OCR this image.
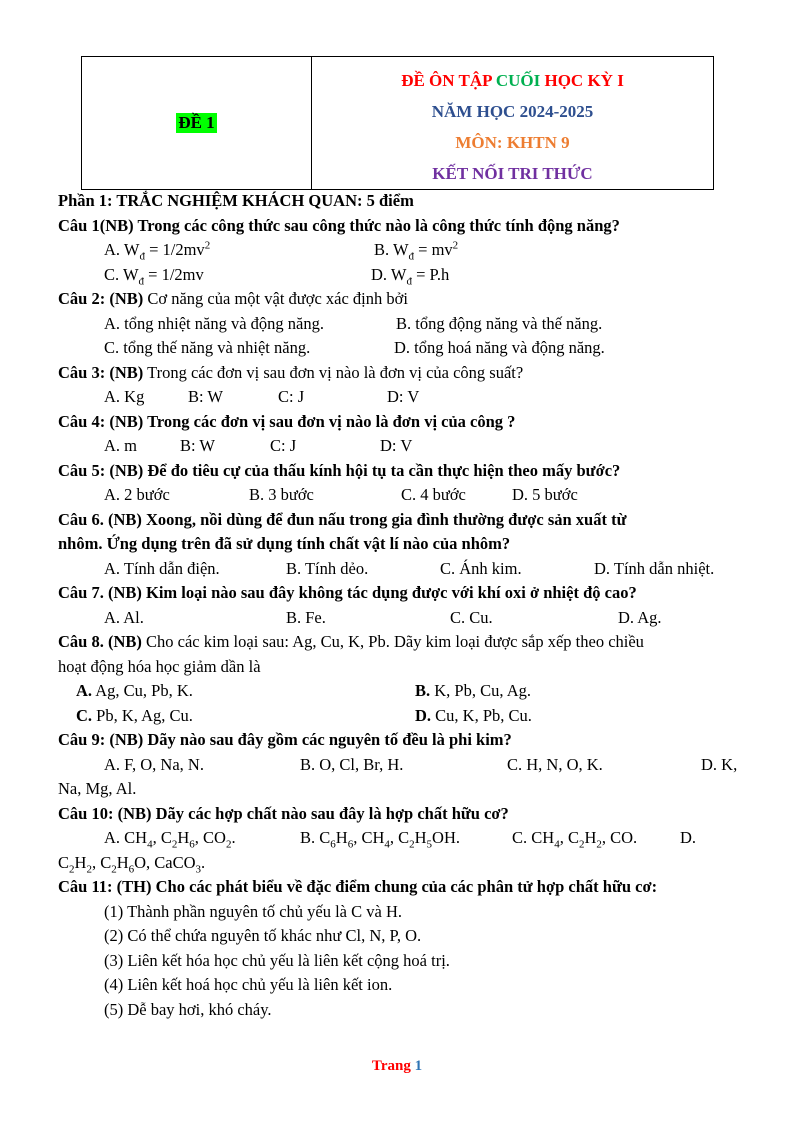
ĐỀ 1
ĐỀ ÔN TẬP CUỐI HỌC KỲ I
NĂM HỌC 2024-2025
MÔN: KHTN 9
KẾT NỐI TRI THỨC
Phần 1: TRẮC NGHIỆM KHÁCH QUAN: 5 điểm
Câu 1(NB) Trong các công thức sau công thức nào là công thức tính động năng?
A. $W_đ = 1/2mv^2$	B. $W_đ = mv^2$
C. $W_đ = 1/2mv$	D. $W_đ = P.h$
Câu 2: (NB) Cơ năng của một vật được xác định bởi
A. tổng nhiệt năng và động năng.	B. tổng động năng và thế năng.
C. tổng thế năng và nhiệt năng.	D. tổng hoá năng và động năng.
Câu 3: (NB) Trong các đơn vị sau đơn vị nào là đơn vị của công suất?
A. Kg	B: W	C: J	D: V
Câu 4: (NB) Trong các đơn vị sau đơn vị nào là đơn vị của công ?
A. m	B: W	C: J	D: V
Câu 5: (NB) Để đo tiêu cự của thấu kính hội tụ ta cần thực hiện theo mấy bước?
A. 2 bước	B. 3 bước	C. 4 bước	D. 5 bước
Câu 6. (NB) Xoong, nồi dùng để đun nấu trong gia đình thường được sản xuất từ
nhôm. Ứng dụng trên đã sử dụng tính chất vật lí nào của nhôm?
A. Tính dẫn điện.	B. Tính dẻo.	C. Ánh kim.	D. Tính dẫn nhiệt.
Câu 7. (NB) Kim loại nào sau đây không tác dụng được với khí oxi ở nhiệt độ cao?
A. Al.	B. Fe.	C. Cu.	D. Ag.
Câu 8. (NB) Cho các kim loại sau: Ag, Cu, K, Pb. Dãy kim loại được sắp xếp theo chiều
hoạt động hóa học giảm dần là
A. Ag, Cu, Pb, K.	B. K, Pb, Cu, Ag.
C. Pb, K, Ag, Cu.	D. Cu, K, Pb, Cu.
Câu 9: (NB) Dãy nào sau đây gồm các nguyên tố đều là phi kim?
A. F, O, Na, N.	B. O, Cl, Br, H.	C. H, N, O, K.	D. K,
Na, Mg, Al.
Câu 10: (NB) Dãy các hợp chất nào sau đây là hợp chất hữu cơ?
A. $CH_4$, $C_2H_6$, $CO_2$.	B. $C_6H_6$, $CH_4$, $C_2H_5OH$.	C. $CH_4$, $C_2H_2$, CO.	D.
$C_2H_2$, $C_2H_6O$, CaCO$_3$.
Câu 11: (TH) Cho các phát biểu về đặc điểm chung của các phân tử hợp chất hữu cơ:
(1) Thành phần nguyên tố chủ yếu là C và H.
(2) Có thể chứa nguyên tố khác như Cl, N, P, O.
(3) Liên kết hóa học chủ yếu là liên kết cộng hoá trị.
(4) Liên kết hoá học chủ yếu là liên kết ion.
(5) Dễ bay hơi, khó cháy.
Trang 1
